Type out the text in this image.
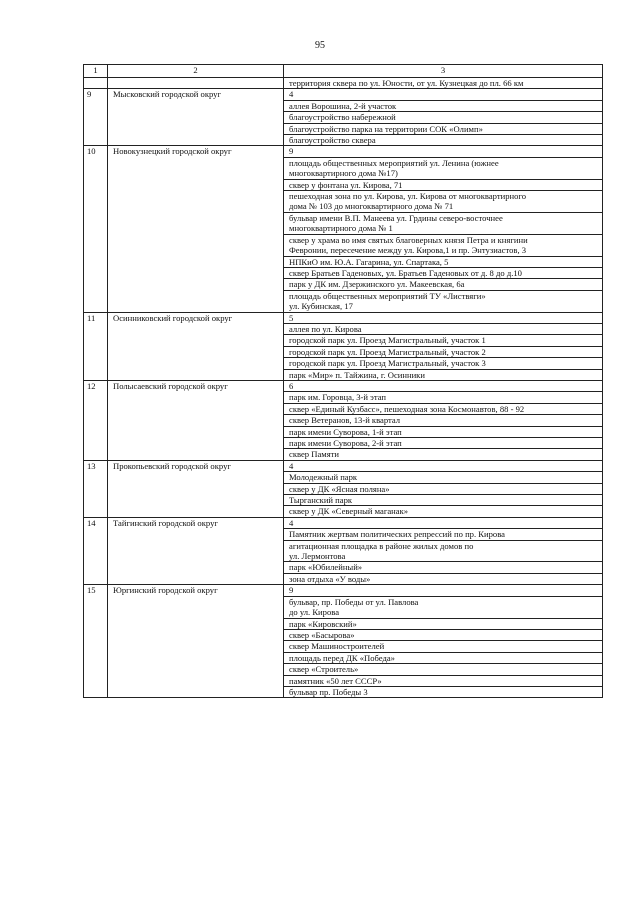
95
1	2	3
		территория сквера по ул. Юности, от ул. Кузнецкая до пл. 66 км
9	Мысковский городской округ	4

		аллея Ворошина, 2-й участок

		благоустройство набережной

		благоустройство парка на территории СОК «Олимп»

		благоустройство сквера

10	Новокузнецкий городской округ	9

		площадь общественных мероприятий ул. Ленина (южнее
многоквартирного дома №17)

		сквер у фонтана ул. Кирова, 71

		пешеходная зона по ул. Кирова, ул. Кирова от многоквартирного
дома № 103 до многоквартирного дома № 71

		бульвар имени В.П. Манеева ул. Грдины северо-восточнее
многоквартирного дома № 1

		сквер у храма во имя святых благоверных князя Петра и княгини
Февронии, пересечение между ул. Кирова,1 и пр. Энтузиастов, 3

		НПКиО им. Ю.А. Гагарина, ул. Спартака, 5

		сквер Братьев Гаденовых, ул. Братьев Гаденовых от д. 8 до д.10

		парк у ДК им. Дзержинского ул. Макеевская, 6а

		площадь общественных мероприятий ТУ «Листвяги»
ул. Кубинская, 17

11	Осинниковский городской округ	5

		аллея по ул. Кирова

		городской парк ул. Проезд Магистральный, участок 1

		городской парк ул. Проезд Магистральный, участок 2

		городской парк ул. Проезд Магистральный, участок 3

		парк «Мир» п. Тайжина, г. Осинники

12	Полысаевский городской округ	6

		парк им. Горовца, 3-й этап

		сквер «Единый Кузбасс», пешеходная зона Космонавтов, 88 - 92

		сквер Ветеранов, 13-й квартал

		парк имени Суворова, 1-й этап

		парк имени Суворова, 2-й этап

		сквер Памяти

13	Прокопьевский городской округ	4

		Молодежный парк

		сквер у ДК «Ясная поляна»

		Тырганский парк

		сквер у ДК «Северный маганак»

14	Тайгинский городской округ	4

		Памятник жертвам политических репрессий по пр. Кирова

		агитационная площадка в районе жилых домов по
ул. Лермонтова

		парк «Юбилейный»

		зона отдыха «У воды»

15	Юргинский городской округ	9

		бульвар, пр. Победы от ул. Павлова
до ул. Кирова

		парк «Кировский»

		сквер «Басырова»

		сквер Машиностроителей

		площадь перед ДК «Победа»

		сквер «Строитель»

		памятник «50 лет СССР»

		бульвар пр. Победы 3
